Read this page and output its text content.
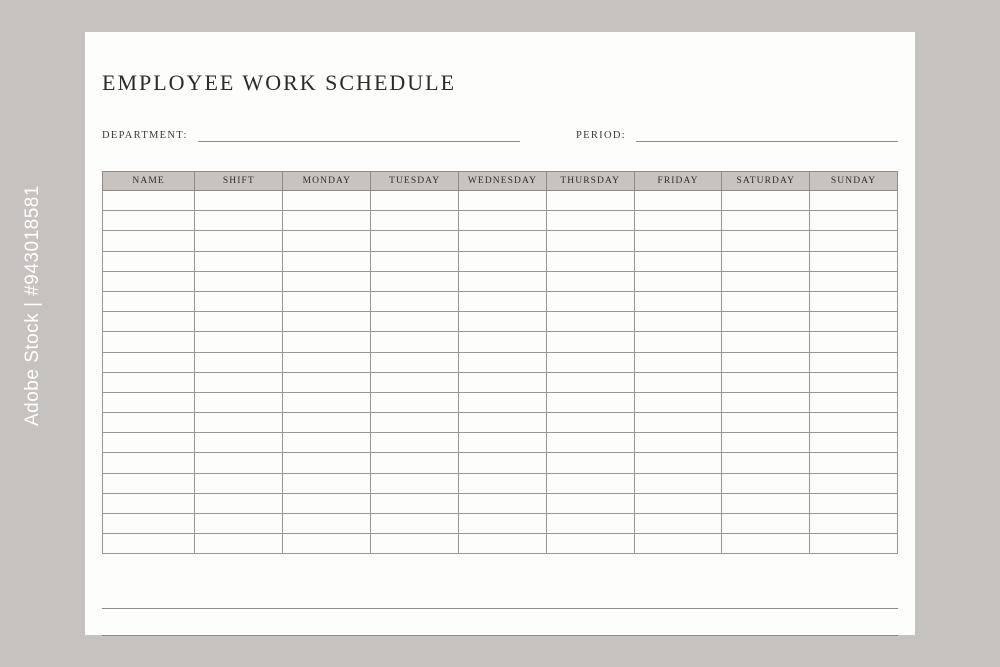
Adobe Stock | #943018581
EMPLOYEE WORK SCHEDULE
DEPARTMENT:	PERIOD:
NAME	SHIFT	MONDAY	TUESDAY	WEDNESDAY	THURSDAY	FRIDAY	SATURDAY	SUNDAY
